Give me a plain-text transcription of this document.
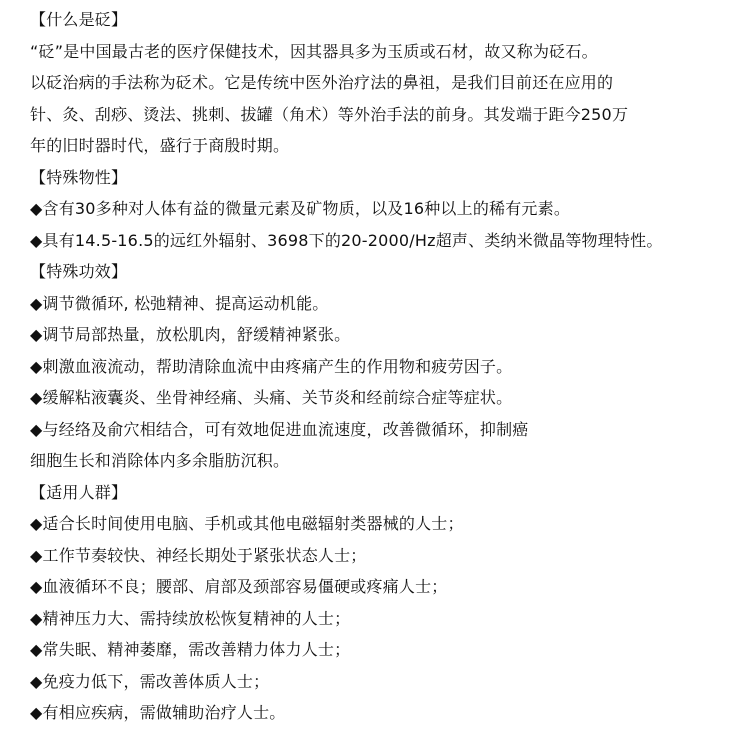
【什么是砭】
“砭”是中国最古老的医疗保健技术，因其器具多为玉质或石材，故又称为砭石。
以砭治病的手法称为砭术。它是传统中医外治疗法的鼻祖，是我们目前还在应用的
针、灸、刮痧、烫法、挑刺、拔罐（角术）等外治手法的前身。其发端于距今250万
年的旧时器时代，盛行于商殷时期。
【特殊物性】
◆含有30多种对人体有益的微量元素及矿物质，以及16种以上的稀有元素。
◆具有14.5-16.5的远红外辐射、3698下的20-2000/Hz超声、类纳米微晶等物理特性。
【特殊功效】
◆调节微循环, 松弛精神、提高运动机能。
◆调节局部热量，放松肌肉，舒缓精神紧张。
◆刺激血液流动，帮助清除血流中由疼痛产生的作用物和疲劳因子。
◆缓解粘液囊炎、坐骨神经痛、头痛、关节炎和经前综合症等症状。
◆与经络及俞穴相结合，可有效地促进血流速度，改善微循环，抑制癌
细胞生长和消除体内多余脂肪沉积。
【适用人群】
◆适合长时间使用电脑、手机或其他电磁辐射类器械的人士；
◆工作节奏较快、神经长期处于紧张状态人士；
◆血液循环不良；腰部、肩部及颈部容易僵硬或疼痛人士；
◆精神压力大、需持续放松恢复精神的人士；
◆常失眠、精神萎靡，需改善精力体力人士；
◆免疫力低下，需改善体质人士；
◆有相应疾病，需做辅助治疗人士。
